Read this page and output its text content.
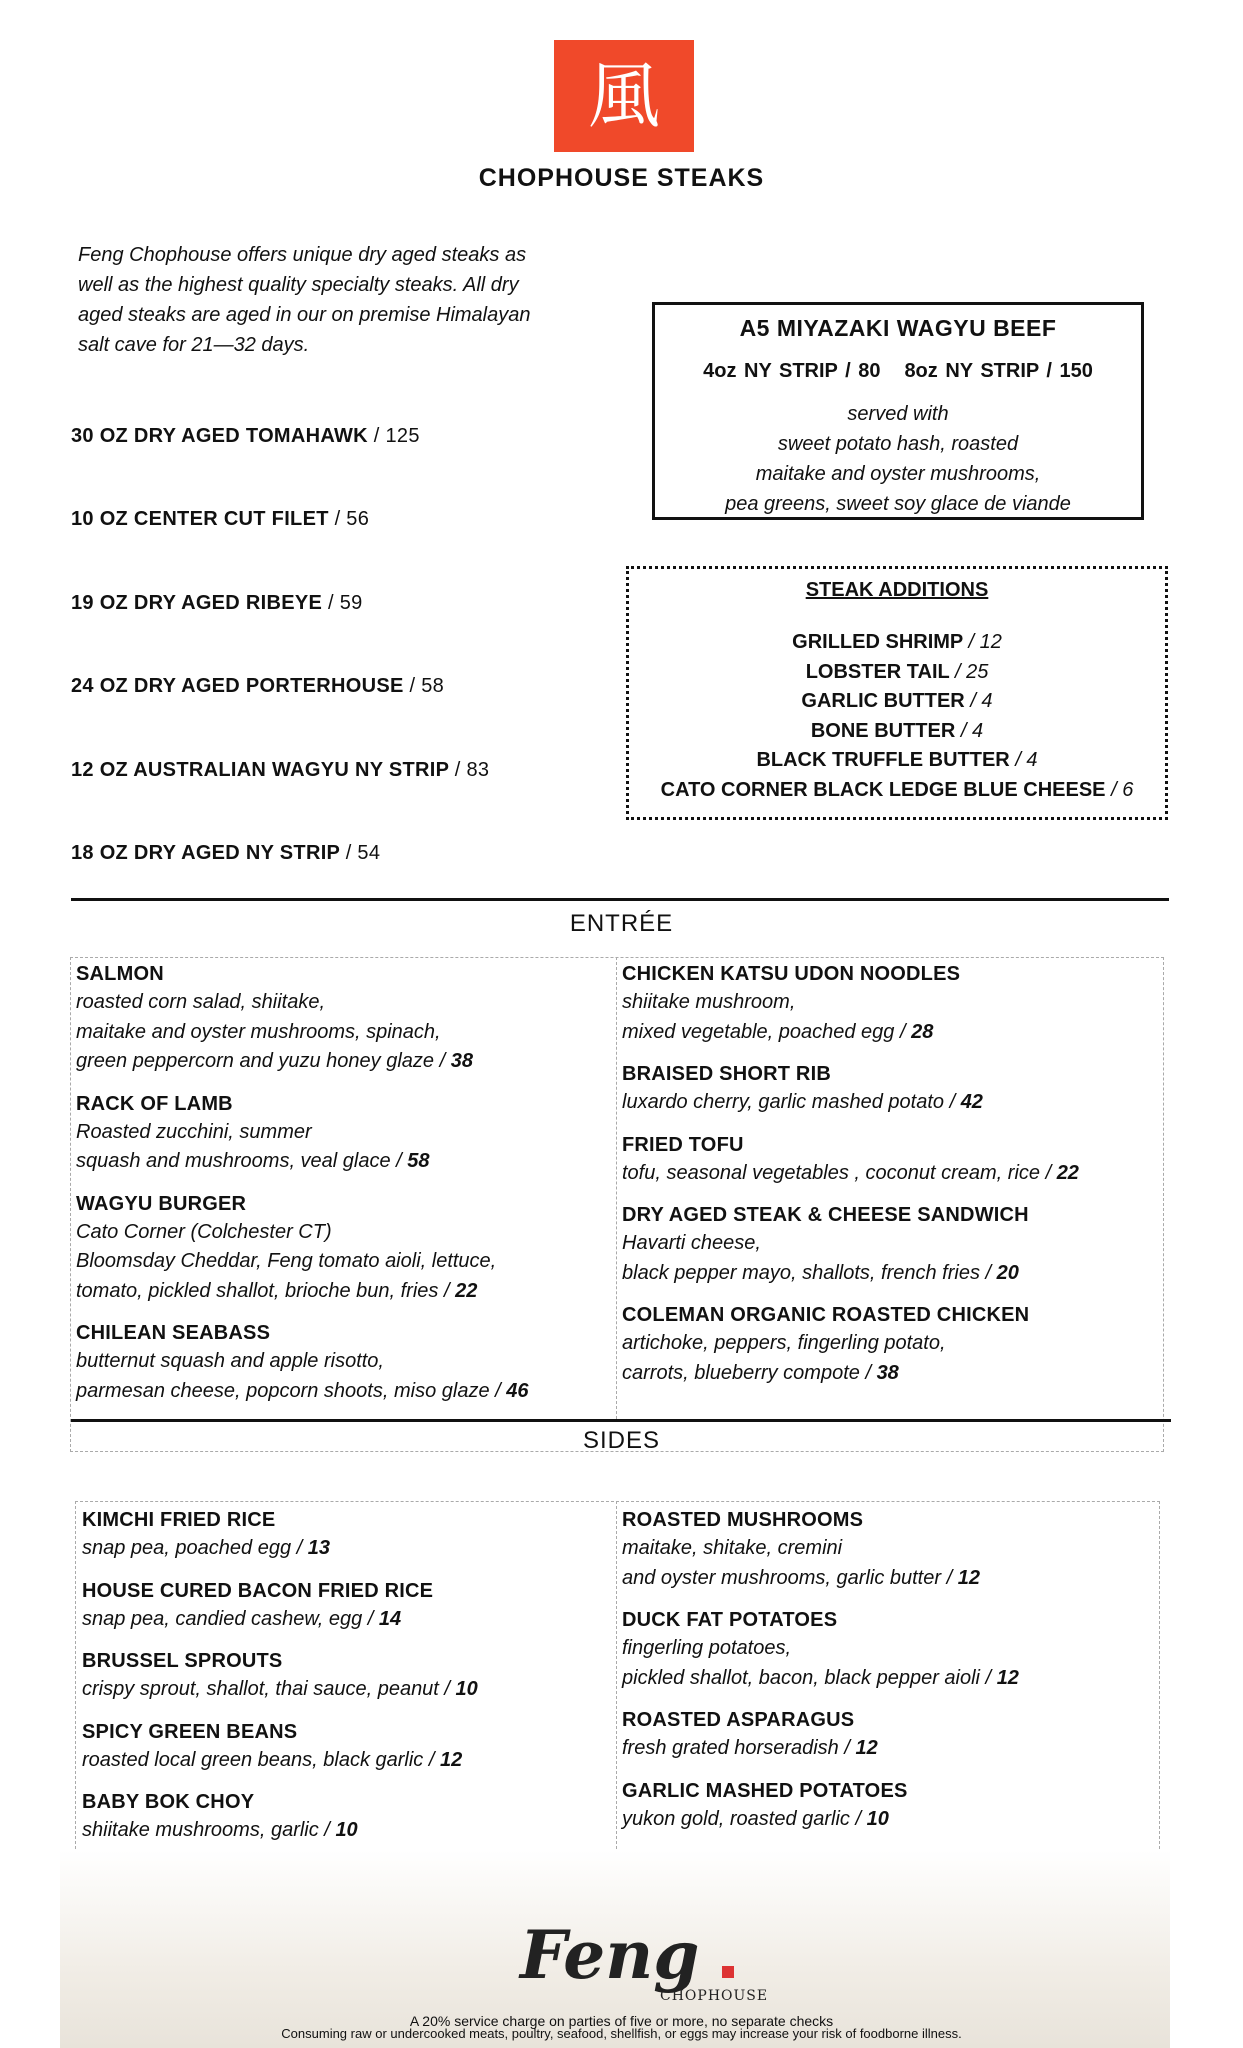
風
CHOPHOUSE STEAKS
Feng Chophouse offers unique dry aged steaks as well as the highest quality specialty steaks. All dry aged steaks are aged in our on premise Himalayan salt cave for 21—32 days.
30 OZ DRY AGED TOMAHAWK / 125
10 OZ CENTER CUT FILET / 56
19 OZ DRY AGED RIBEYE / 59
24 OZ DRY AGED PORTERHOUSE / 58
12 OZ AUSTRALIAN WAGYU NY STRIP / 83
18 OZ DRY AGED NY STRIP / 54
A5 MIYAZAKI WAGYU BEEF
4oz NY STRIP / 80 8oz NY STRIP / 150
served with
sweet potato hash, roasted
maitake and oyster mushrooms,
pea greens, sweet soy glace de viande
STEAK ADDITIONS
GRILLED SHRIMP / 12
LOBSTER TAIL / 25
GARLIC BUTTER / 4
BONE BUTTER / 4
BLACK TRUFFLE BUTTER / 4
CATO CORNER BLACK LEDGE BLUE CHEESE / 6
ENTRÉE
SALMON
roasted corn salad, shiitake,
maitake and oyster mushrooms, spinach,
green peppercorn and yuzu honey glaze / 38
RACK OF LAMB
Roasted zucchini, summer
squash and mushrooms, veal glace / 58
WAGYU BURGER
Cato Corner (Colchester CT)
Bloomsday Cheddar, Feng tomato aioli, lettuce,
tomato, pickled shallot, brioche bun, fries / 22
CHILEAN SEABASS
butternut squash and apple risotto,
parmesan cheese, popcorn shoots, miso glaze / 46
CHICKEN KATSU UDON NOODLES
shiitake mushroom,
mixed vegetable, poached egg / 28
BRAISED SHORT RIB
luxardo cherry, garlic mashed potato / 42
FRIED TOFU
tofu, seasonal vegetables , coconut cream, rice / 22
DRY AGED STEAK & CHEESE SANDWICH
Havarti cheese,
black pepper mayo, shallots, french fries / 20
COLEMAN ORGANIC ROASTED CHICKEN
artichoke, peppers, fingerling potato,
carrots, blueberry compote / 38
SIDES
KIMCHI FRIED RICE
snap pea, poached egg / 13
HOUSE CURED BACON FRIED RICE
snap pea, candied cashew, egg / 14
BRUSSEL SPROUTS
crispy sprout, shallot, thai sauce, peanut / 10
SPICY GREEN BEANS
roasted local green beans, black garlic / 12
BABY BOK CHOY
shiitake mushrooms, garlic / 10
ROASTED MUSHROOMS
maitake, shitake, cremini
and oyster mushrooms, garlic butter / 12
DUCK FAT POTATOES
fingerling potatoes,
pickled shallot, bacon, black pepper aioli / 12
ROASTED ASPARAGUS
fresh grated horseradish / 12
GARLIC MASHED POTATOES
yukon gold, roasted garlic / 10
Feng
CHOPHOUSE
A 20% service charge on parties of five or more, no separate checks
Consuming raw or undercooked meats, poultry, seafood, shellfish, or eggs may increase your risk of foodborne illness.
